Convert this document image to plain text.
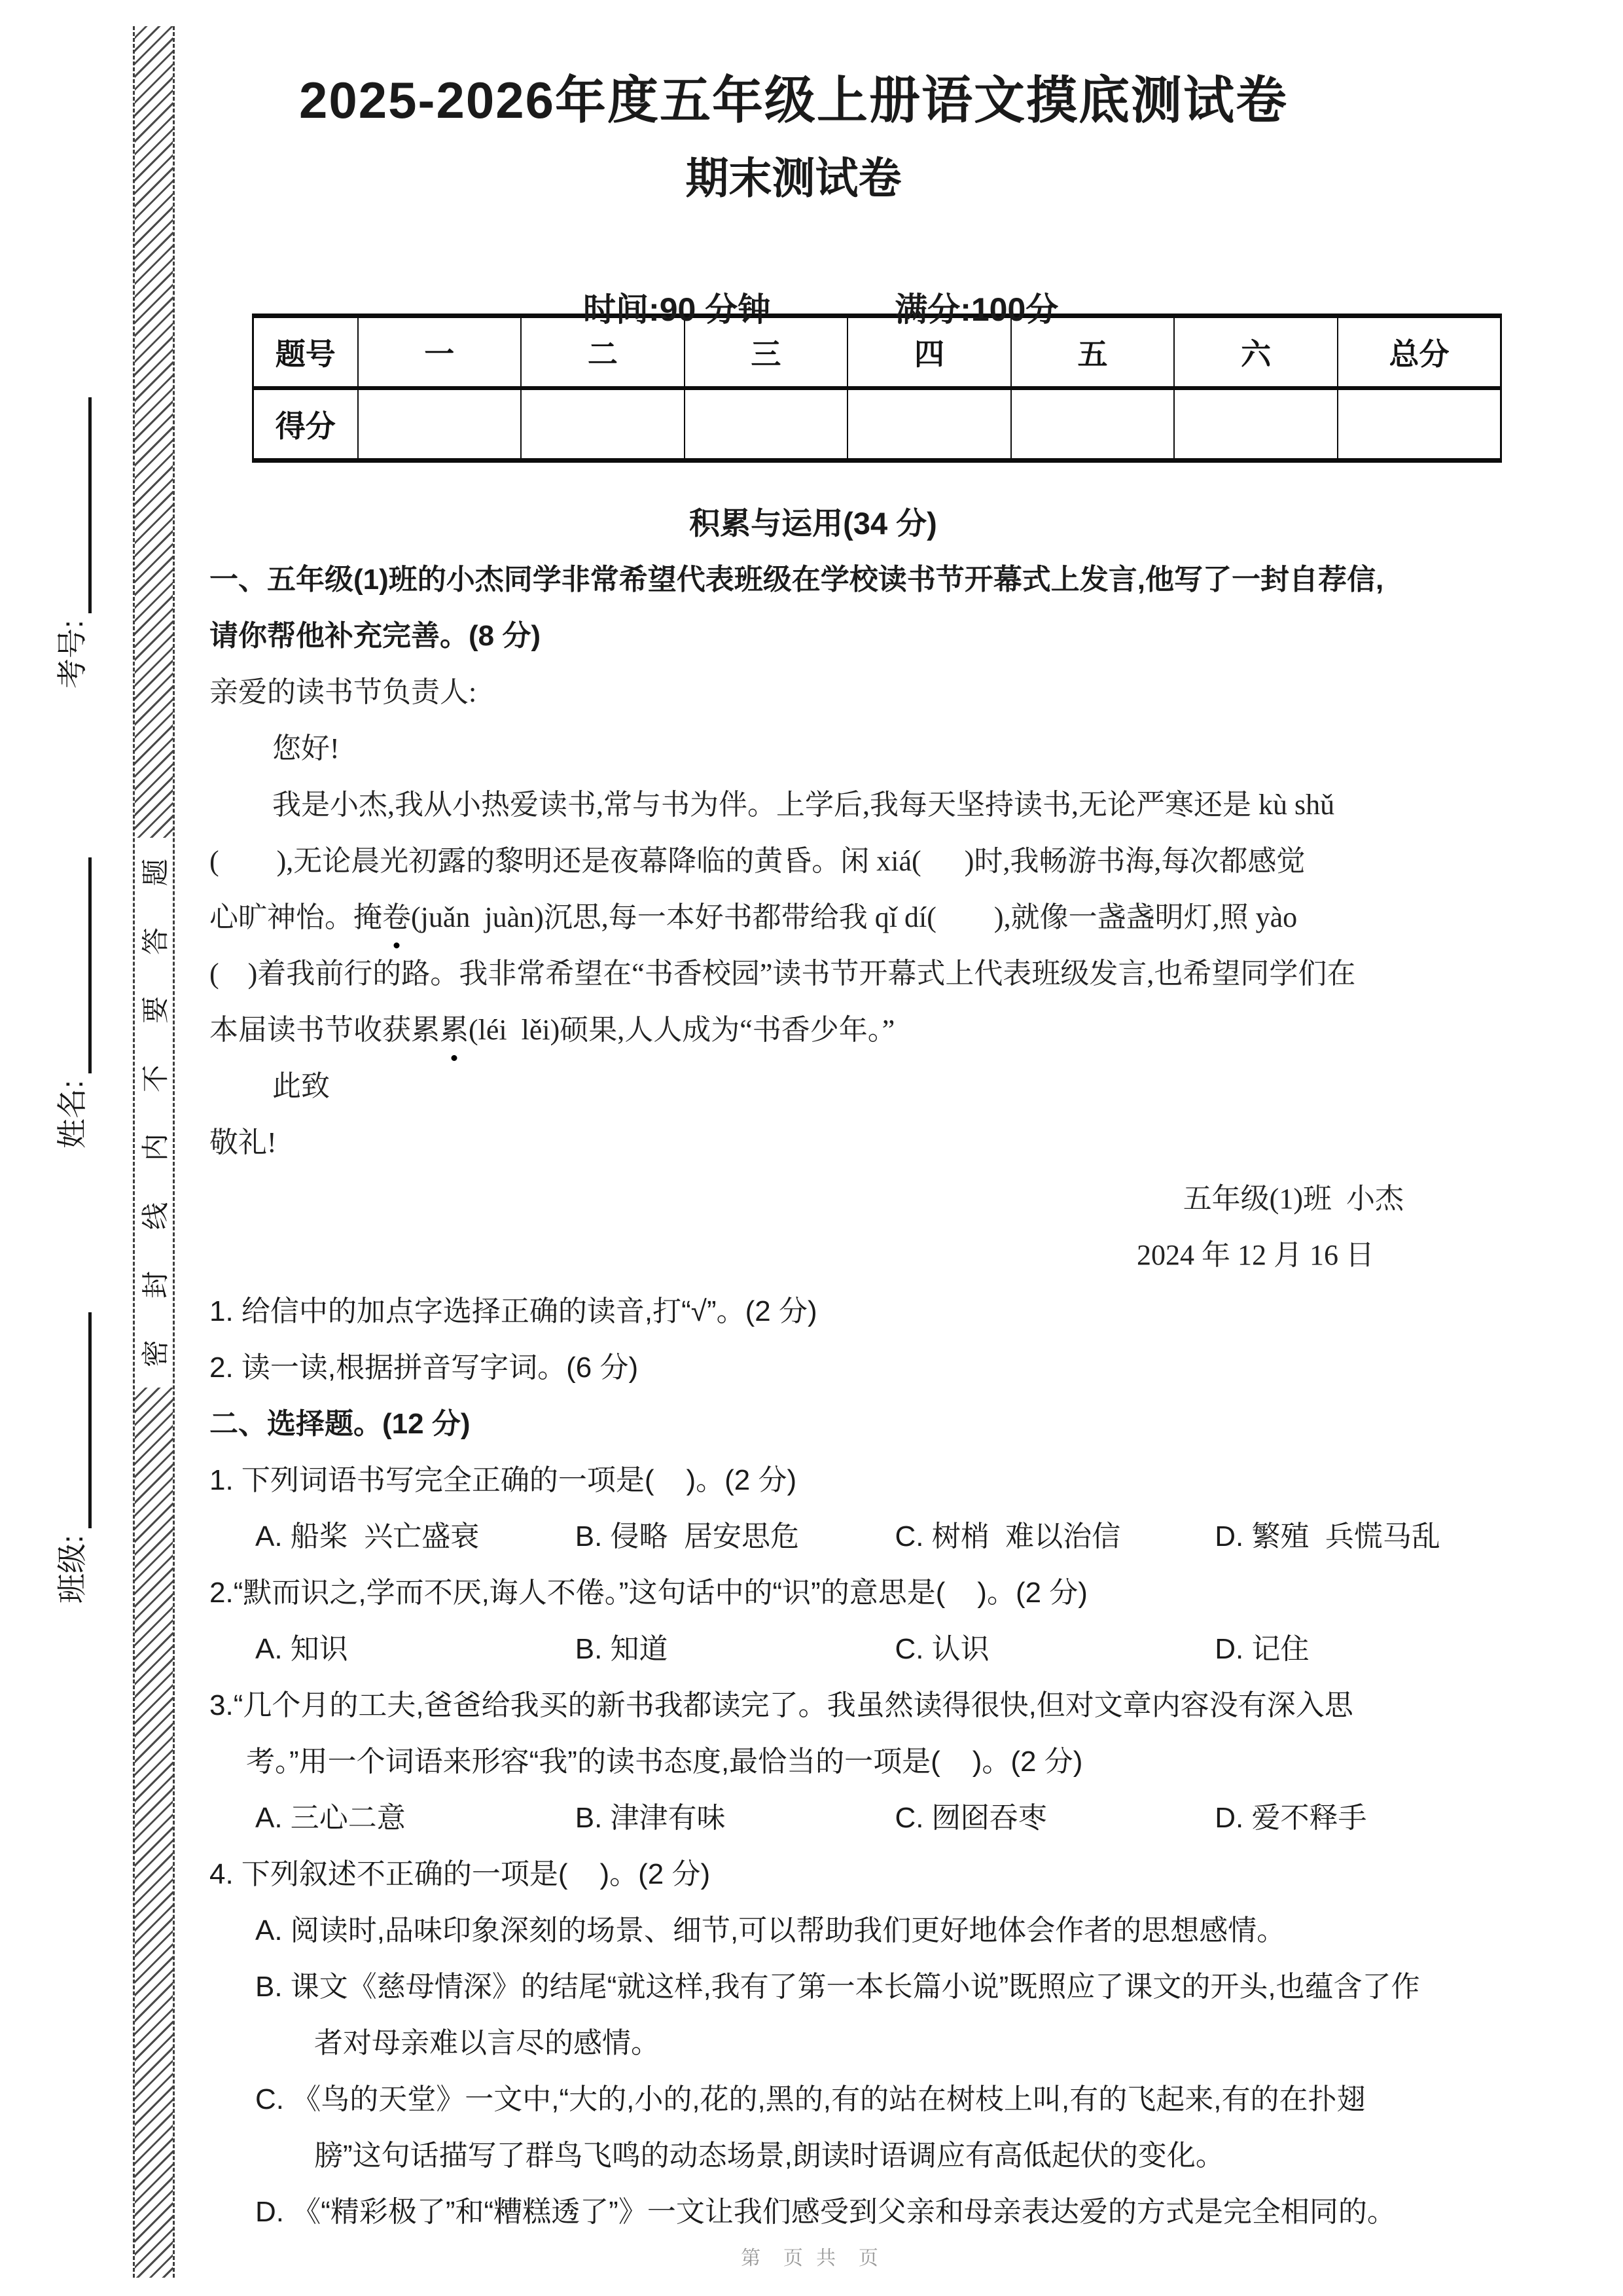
考号:
姓名:
班级:
题
答
要
不
内
线
封
密
2025-2026年度五年级上册语文摸底测试卷
期末测试卷

时间:90 分钟	满分:100分

题号	一	二	三	四	五	六	总分
得分							
积累与运用(34 分)
一、五年级(1)班的小杰同学非常希望代表班级在学校读书节开幕式上发言,他写了一封自荐信,
请你帮他补充完善。(8 分)
亲爱的读书节负责人:
您好!
我是小杰,我从小热爱读书,常与书为伴。上学后,我每天坚持读书,无论严寒还是 kù shǔ
(        ),无论晨光初露的黎明还是夜幕降临的黄昏。闲 xiá(      )时,我畅游书海,每次都感觉
心旷神怡。掩卷(juǎn  juàn)沉思,每一本好书都带给我 qǐ dí(        ),就像一盏盏明灯,照 yào
(    )着我前行的路。我非常希望在“书香校园”读书节开幕式上代表班级发言,也希望同学们在
本届读书节收获累累(léi  lěi)硕果,人人成为“书香少年。”
此致
敬礼!
五年级(1)班  小杰
2024 年 12 月 16 日
1. 给信中的加点字选择正确的读音,打“√”。(2 分)
2. 读一读,根据拼音写字词。(6 分)
二、选择题。(12 分)
1. 下列词语书写完全正确的一项是(    )。(2 分)
A. 船桨  兴亡盛衰	B. 侵略  居安思危	C. 树梢  难以治信	D. 繁殖  兵慌马乱
2.“默而识之,学而不厌,诲人不倦。”这句话中的“识”的意思是(    )。(2 分)
A. 知识	B. 知道	C. 认识	D. 记住
3.“几个月的工夫,爸爸给我买的新书我都读完了。我虽然读得很快,但对文章内容没有深入思
考。”用一个词语来形容“我”的读书态度,最恰当的一项是(    )。(2 分)
A. 三心二意	B. 津津有味	C. 囫囵吞枣	D. 爱不释手
4. 下列叙述不正确的一项是(    )。(2 分)
A. 阅读时,品味印象深刻的场景、细节,可以帮助我们更好地体会作者的思想感情。
B. 课文《慈母情深》的结尾“就这样,我有了第一本长篇小说”既照应了课文的开头,也蕴含了作
者对母亲难以言尽的感情。
C. 《鸟的天堂》一文中,“大的,小的,花的,黑的,有的站在树枝上叫,有的飞起来,有的在扑翅
膀”这句话描写了群鸟飞鸣的动态场景,朗读时语调应有高低起伏的变化。
D. 《“精彩极了”和“糟糕透了”》一文让我们感受到父亲和母亲表达爱的方式是完全相同的。
第  页 共  页
